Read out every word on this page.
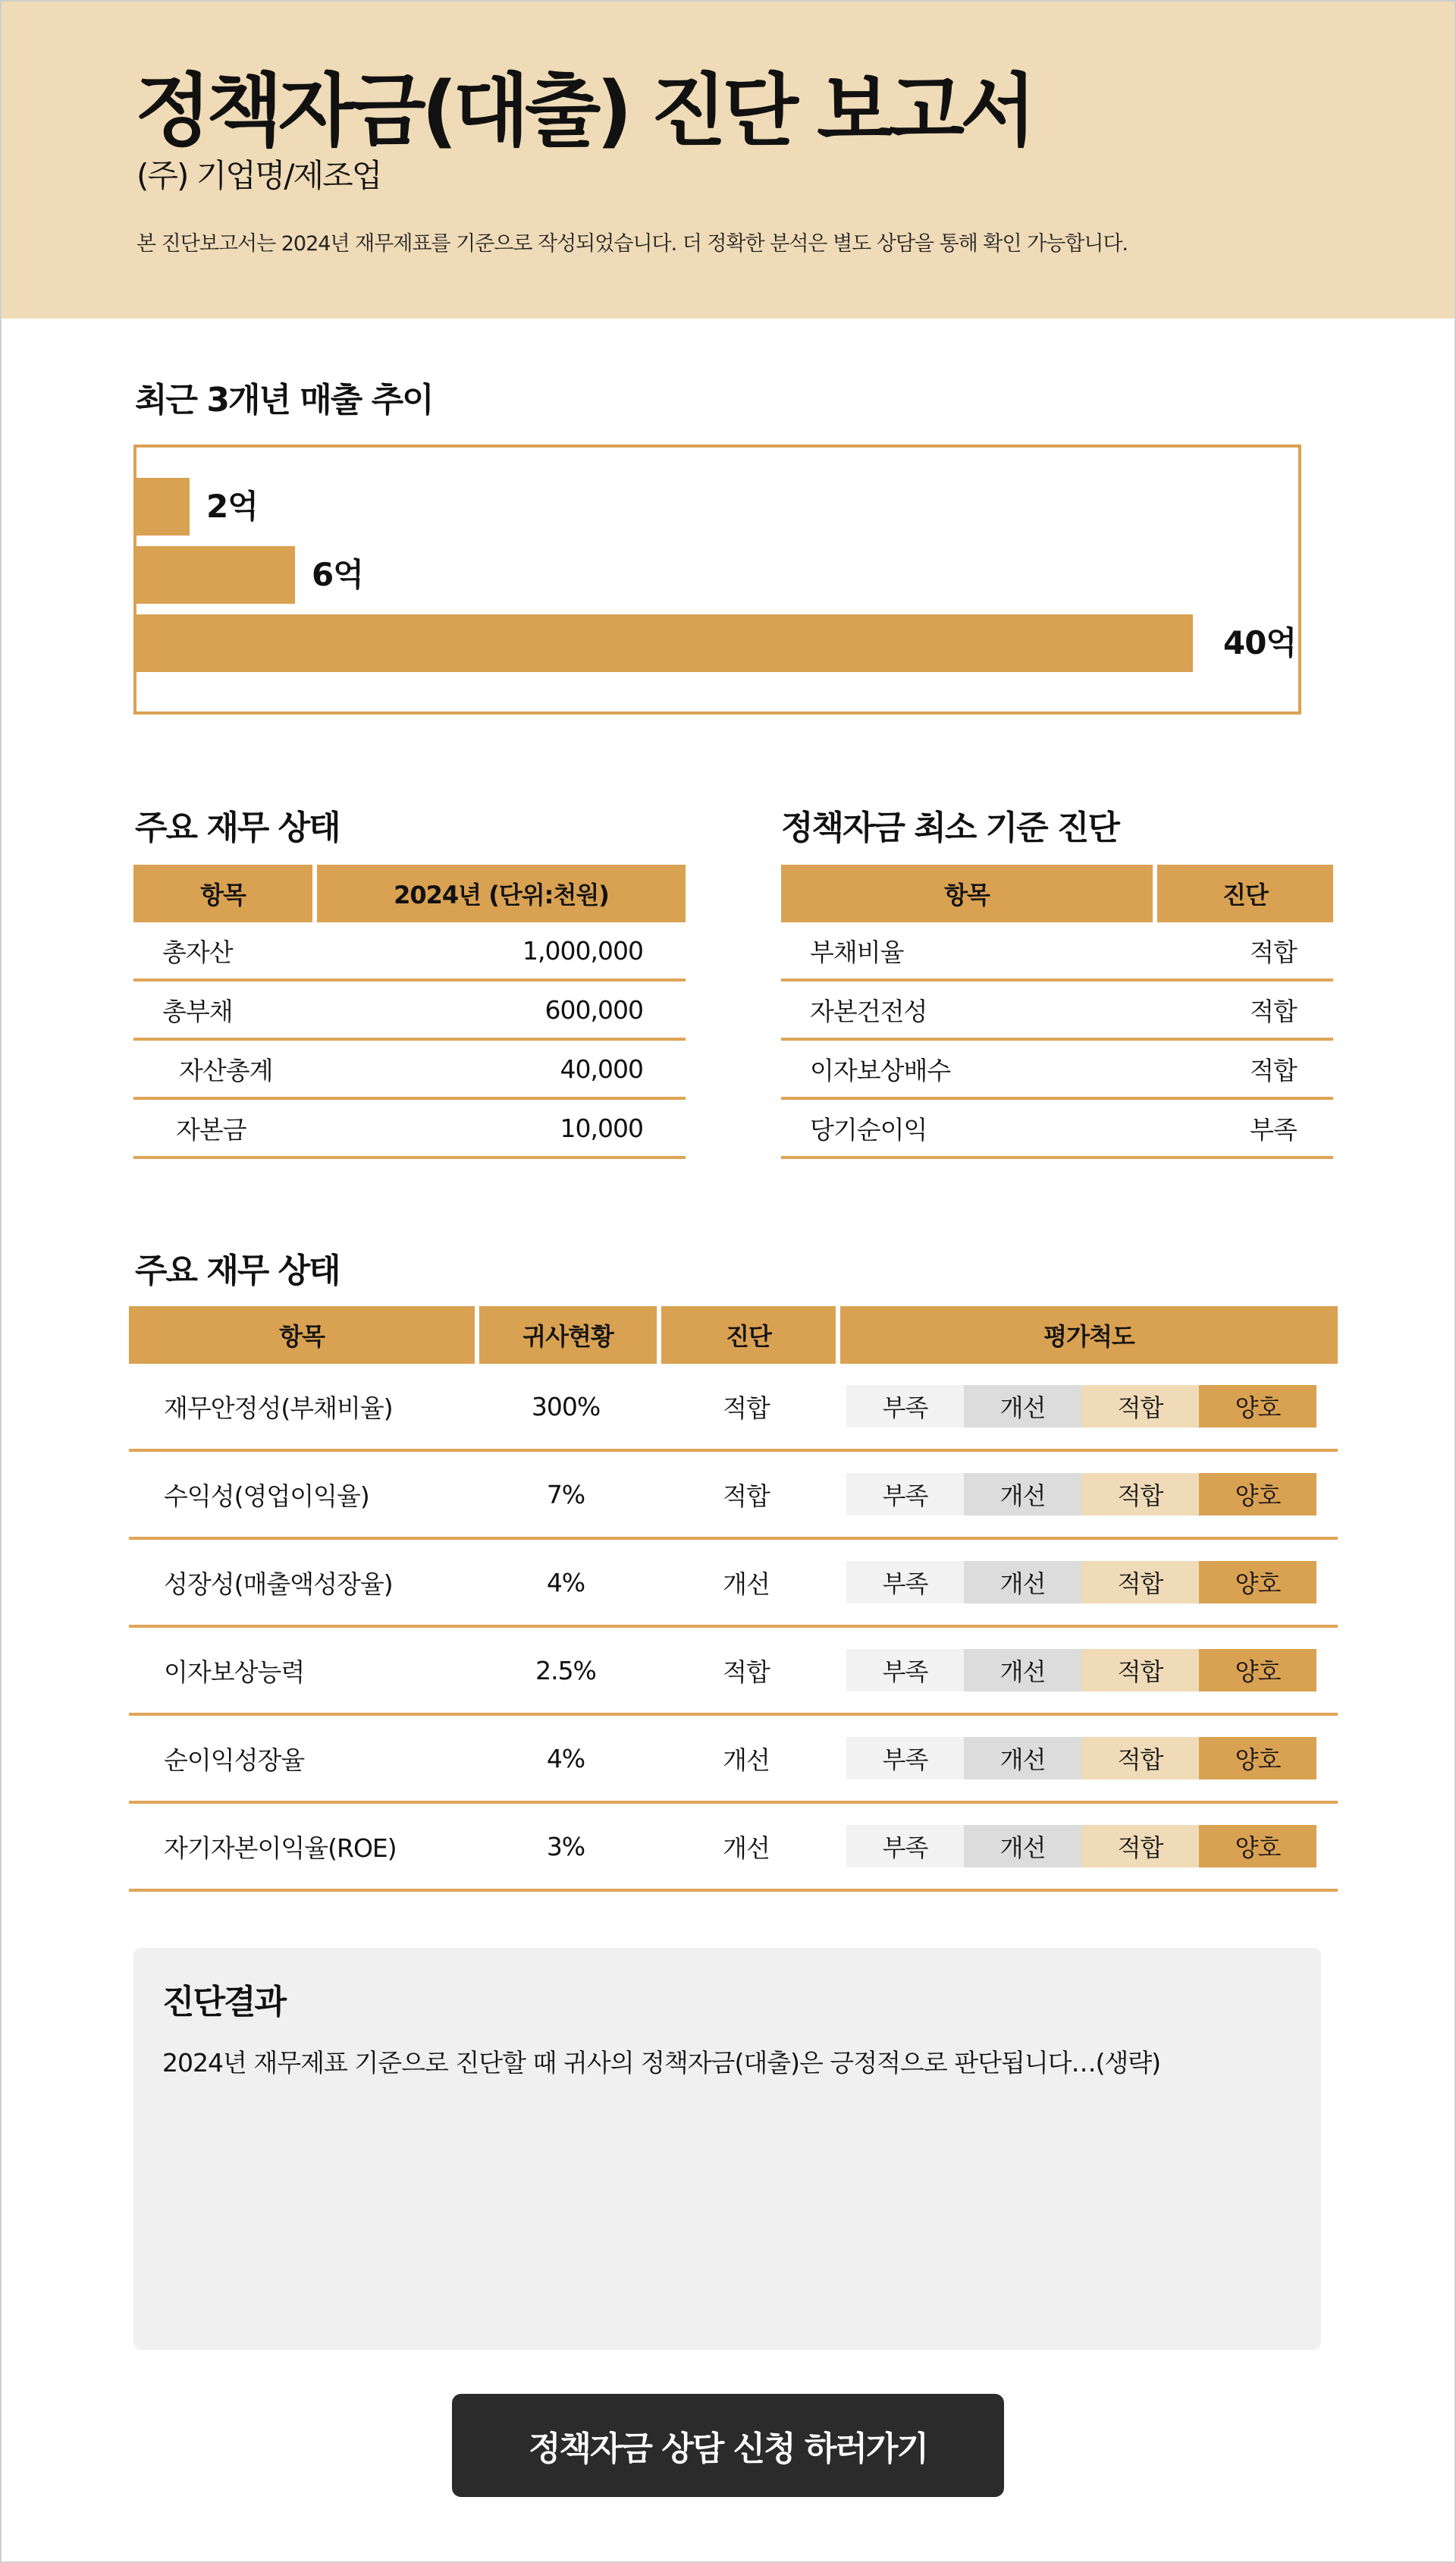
정책자금(대출) 진단 보고서
(주) 기업명/제조업
본 진단보고서는 2024년 재무제표를 기준으로 작성되었습니다. 더 정확한 분석은 별도 상담을 통해 확인 가능합니다.
최근 3개년 매출 추이
2억
6억
40억
주요 재무 상태
항목	2024년 (단위:천원)
총자산	1,000,000
총부채	600,000
자산총계	40,000
자본금	10,000
정책자금 최소 기준 진단
항목	진단
부채비율	적합
자본건전성	적합
이자보상배수	적합
당기순이익	부족
주요 재무 상태
항목	귀사현황	진단	평가척도
재무안정성(부채비율)	300%	적합	부족 개선 적합 양호

수익성(영업이익율)	7%	적합	부족 개선 적합 양호

성장성(매출액성장율)	4%	개선	부족 개선 적합 양호

이자보상능력	2.5%	적합	부족 개선 적합 양호

순이익성장율	4%	개선	부족 개선 적합 양호

자기자본이익율(ROE)	3%	개선	부족 개선 적합 양호
진단결과
2024년 재무제표 기준으로 진단할 때 귀사의 정책자금(대출)은 긍정적으로 판단됩니다…(생략)
정책자금 상담 신청 하러가기
